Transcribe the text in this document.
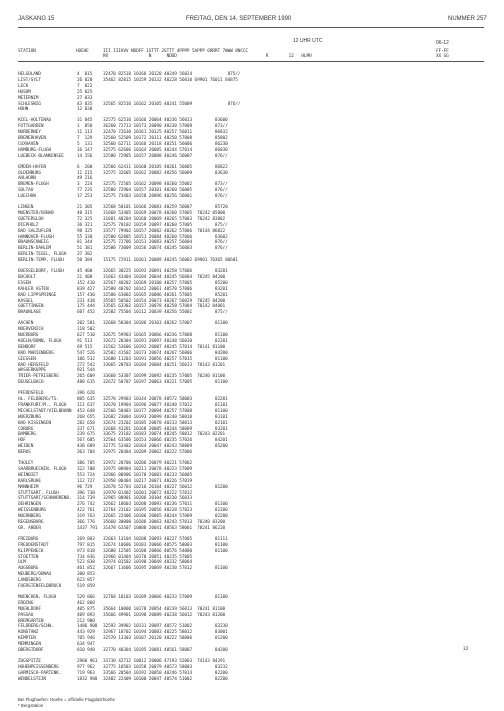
JASKANG 15	FREITAG, DEN 14. SEPTEMBER 1990	NUMMER 257
12 UHR UTC	06-12
STATION	HOEHE	III IIIHVV NDDFF 1STTT 2STTT 4PPPP 5APPP 6RRRT 7WWW 8NCCC
RR                N      NDDD                                   R        12   HLMH
FF-FF
XX GG
HELGOLAND	4  015 32470 82518 10166 20120 40249 56024              875//
LIST/SYLT	26 020 35462 82815 10159 20132 40228 56010 69901 76011 84875
LECK	7  022
HUSUM	25 025
MEIERNIM	27 033
SCHLESWIG	43 035 32565 82510 10162 20105 40241 55009              876//
HOHN	12 038
KIEL-HOLTENAU	31 045 32575 62510 10166 20064 40236 56013         83600
FUTTGARDEN	1  050 36260 72713 10173 20090 40230 57009         873//
NORDERNEY	11 113 32470 72630 10161 20125 40257 56011         86832
BREMERHAVEN	7  129 32560 52509 10172 20111 40250 57008         85802
CUXHAVEN	5  131 32560 62711 10166 20118 40251 56006         86230
HAMBURG-FLUGH	16 147 32575 62606 10164 20085 40244 57014         86830
LUEBECK-BLANKENSEE	14 156 32580 72905 10157 20088 40246 56007         876//
EMDEN-HAFEN	6  200 32566 62411 10168 20105 40261 56005         86822
OLDENBURG	11 215 32575 32605 10162 20082 40256 56009         83630
AHLHORN	49 216
BREMEN-FLUGH	3  224 32575 72505 10162 20098 40260 55002         873//
SOLTAU	77 235 32580 72904 10157 20101 40260 56005         876//
LUECHOW	17 253 32575 73403 10158 20096 40256 56001         876//
LINGEN	21 305 32568 50101 10166 20083 40259 56007         85720
MUENSTER/OSNAB	48 315 31660 53405 10169 20078 40260 57005  70242 85800
GUETERSLOH	72 325 31681 40204 10160 20069 40265 57003  70242 83802
DIEPHOLZ	36 321 32575 70102 10159 20097 40260 57005         875//
BAD SALZUFLEN	98 325 33577 79902 10157 20082 40262 57006  70144 86822
HANNOVER-FLUGH	55 338 32580 62805 10151 20084 40260 57006         83602
BRAUNSCHWEIG	81 344 32575 72706 10151 20083 40257 56004         876//
BERLIN-DAHLEM	51 381 32580 73009 10156 20074 40245 56003         876//
BERLIN-TEGEL, FLUGH 37 382
BERLIN-TEMP, FLUGH	50 384 15175 72911 10161 20089 40245 56002 69901 70365 86601
DUESSELDORF, FLUGH	45 400 32665 30225 10193 20091 40258 57006         83201
BOCHOLT	21 408 31662 43404 10184 20044 40245 56004  70245 84200
ESSEN	152 410 32567 40202 10169 20100 40257 57005         85200
KAHLER ASTEN	839 427 32580 40702 10142 20061 40570 57006         83201
BAD LIPPSPRINGE	157 430 32580 63002 10165 20086 40261 57005         85201
KASSEL	231 438 35565 50502 10154 20073 40267 56029  70245 84200
GOETTINGEN	175 444 33565 63302 10157 20078 40258 57004  70142 84801
BRAUNLAGE	607 452 32582 75504 10112 20039 40256 55001         875//
AACHEN	202 501 32668 50304 10186 20103 40262 57007         81100
NOERVENICH	118 502
NUERBURG	627 510 32675 59903 10165 20066 40236 57008         81100
KOELN/BONN, FLUGH	91 513 32672 20304 10191 20097 40248 56010         82201
BENDORF	69 515 31562 53606 10192 20087 40245 57014  70141 81100
BAD MARIENBERG	547 526 32582 41502 10173 20074 40267 56006         84200
GIESSEN	186 532 32680 11203 10191 20056 40257 57015         81100
BAD HERSFELD	272 542 33665 20703 10184 20084 40251 56013  70143 81201
WASSERKUPPE	921 544
TRIER-PETRISBERG	265 609 33660 53307 10199 20092 40235 57005  70240 81100
DEUSELBACH	480 615 32672 50707 10197 20063 40221 57005         81100
PFERDSFELD	396 626
HL. FELDBERG/TS.	805 635 32578 29903 10144 20078 40572 58003         82201
FRANKFURT/M., FLUGH 111 637 32670 19904 10196 20077 40240 57012         81101
MICHELSTADT/VIELBRUNN 453 648 32566 50403 10177 20094 40257 57008         81100
WUERZBURG	268 655 32682 23004 10193 20099 40240 58010         83101
BAD KISSINGEN	282 658 32674 23202 10185 20078 40233 58013         82101
COBURG	337 671 32668 43201 10168 20085 40244 58009         83201
BAMBERG	239 675 33675 23102 10183 20074 40245 58012  70243 82201
HOF	567 685 32564 63506 10153 20066 40235 57026         84201
WEIDEN	438 689 32775 53402 10164 20047 40243 58009         85200
BERUS	363 704 32975 20404 10209 20062 40222 57006
THOLEY	386 705 32972 20706 10206 20079 40221 57002
SAARBRUECKEN, FLUGH 322 708 32975 00904 10211 20078 40223 57009
WEINBIET	553 724 32966 00906 10170 20083 40233 56005
KARLSRUHE	112 727 32958 00404 10217 20071 40226 57019
MANNHEIM	96 729 32678 52703 10216 20104 40227 56012         81200
STUTTGART, FLUGH	396 738 32970 01402 10201 20072 40222 57012
STUTTGART/SCHNARRENB. 314 739 32965 00901 10206 20104 40230 56013
OEHRINGEN	276 742 32662 10603 10200 20093 40236 57011         81100
WEISSENBURG	422 761 32764 23102 10195 20056 40228 57023         82200
NUERNBERG	319 763 32665 22406 10186 20065 40244 57009         82200
REGENSBURG	366 776 35660 30000 10186 20063 40243 57013  70240 83200
GR. ARBER	1437 791 31478 63507 10080 20041 40563 58001  70241 86220
FREIBURG	269 803 32663 13104 10208 20093 40227 57005         81111
FREUDENSTADT	797 815 32674 10606 10183 20066 40575 58003         81100
KLIPPENECK	973 818 32680 12505 10188 20066 40576 54000         81100
STOETTEN	734 836 32966 01404 10170 20051 40235 57005
ULM	522 838 32974 01502 10190 20049 40232 58004
AUGSBURG	461 852 32667 11606 10195 20069 40230 57012         81100
NEUBERG/DONAU	380 853
LANDSBERG	623 857
FUERSTENFELDBRUCK	519 859
MUENCHEN, FLUGH	529 866 32768 10103 10189 20066 40233 57009         81100
ERDING	462 860
MUEHLDORF	405 875 35664 10000 10178 20054 40239 56013  70241 81100
PASSAU	409 893 35666 49901 10190 20089 40238 56012  70243 81200
BREMGARTEN	212 900
FELDBERG/SCHW.	1486 908 32592 39902 10131 20097 40572 51002         83230
KONSTANZ	443 929 32967 10702 10194 20083 40225 58012         83001
KEMPTEN	705 946 32570 13303 10187 20120 40222 58006         81200
MEMMINGEN	634 947
OBERSTDORF	810 948 32770 40304 10195 20081 40561 58007         84200
ZUGSPITZE	2960 961 33730 42712 10012 20006 47193 52003  74143 84291
HOHENPEISSENBERG	977 962 32775 10503 10158 20079 40573 58003         83232
GARMISCH-PARTENK.	719 963 33566 20504 10192 20050 40246 57014         82200
WENDELSTEIN	1832 980 32482 22409 10100 20047 40574 51002         82200
32
Bei Flughaefen: Hoehe = offizielle Flugplatzhoehe
* Bergstation
